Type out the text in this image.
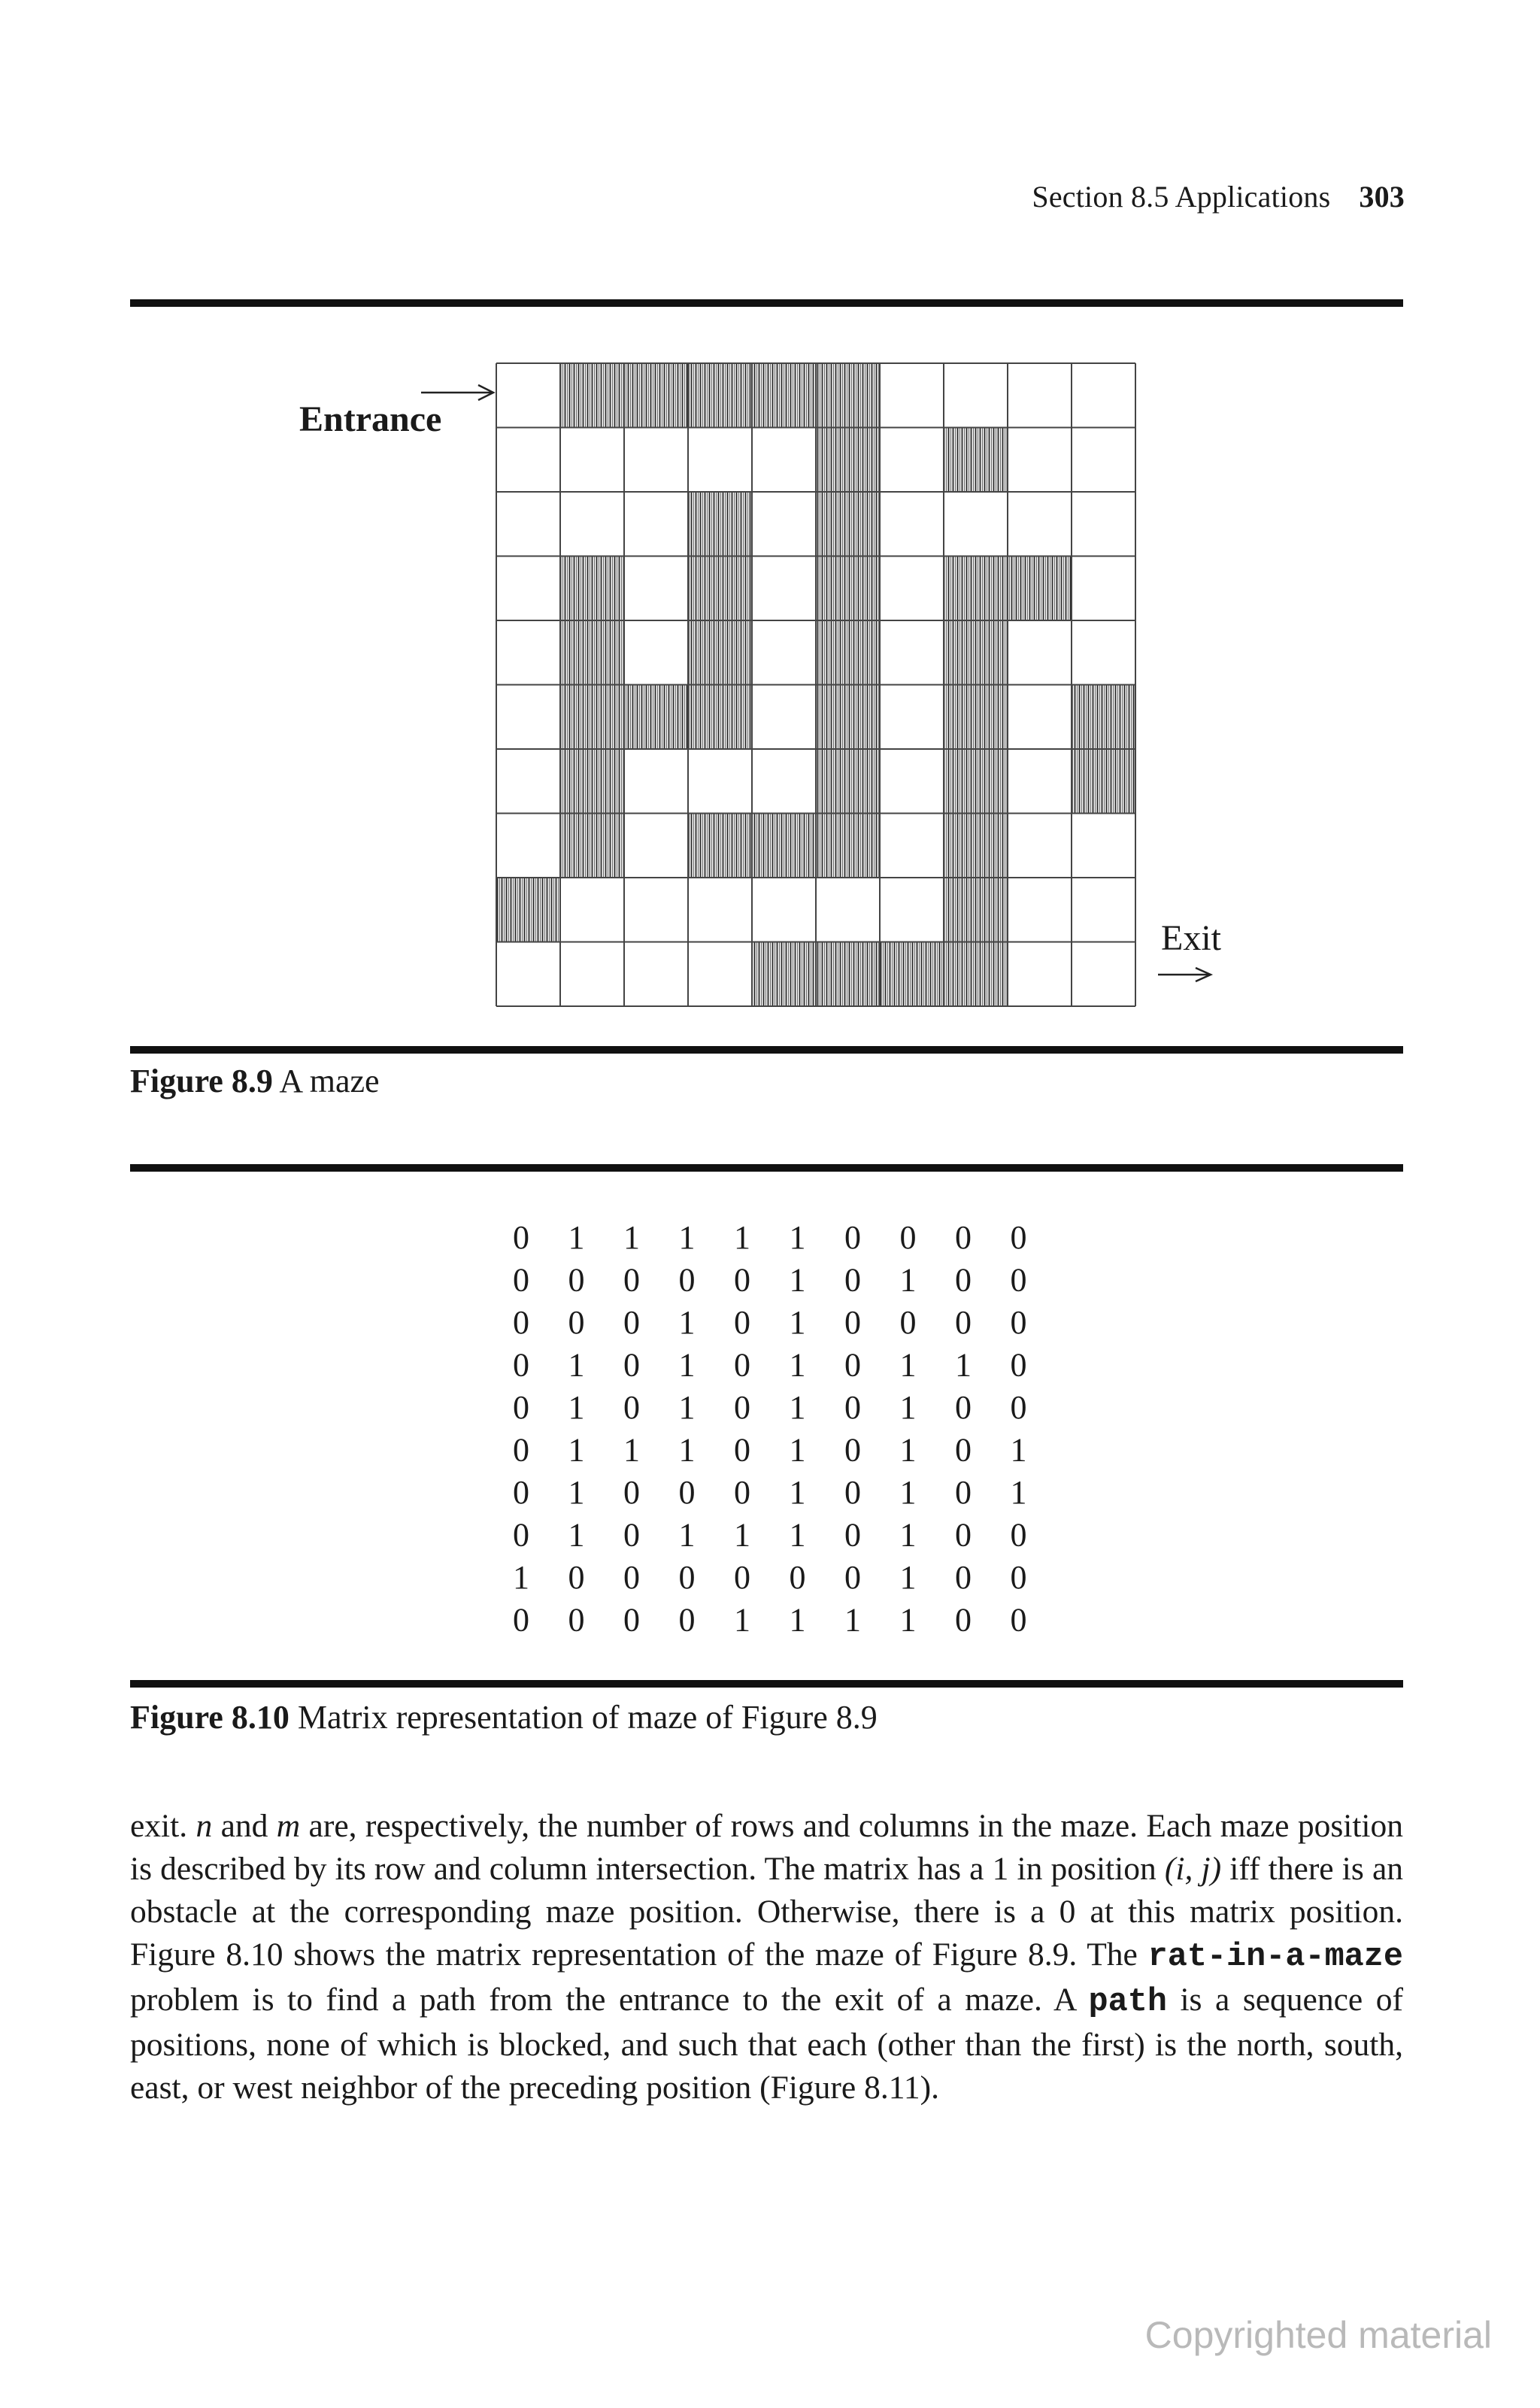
Section 8.5 Applications 303
Entrance
Exit
Figure 8.9 A maze
0 1 1 1 1 1 0 0 0 0
0 0 0 0 0 1 0 1 0 0
0 0 0 1 0 1 0 0 0 0
0 1 0 1 0 1 0 1 1 0
0 1 0 1 0 1 0 1 0 0
0 1 1 1 0 1 0 1 0 1
0 1 0 0 0 1 0 1 0 1
0 1 0 1 1 1 0 1 0 0
1 0 0 0 0 0 0 1 0 0
0 0 0 0 1 1 1 1 0 0
Figure 8.10 Matrix representation of maze of Figure 8.9

exit. n and m are, respectively, the number of rows and columns in the maze. Each maze position is described by its row and column intersection. The matrix has a 1 in position (i, j) iff there is an obstacle at the corresponding maze position. Otherwise, there is a 0 at this matrix position. Figure 8.10 shows the matrix representation of the maze of Figure 8.9. The rat-in-a-maze problem is to find a path from the entrance to the exit of a maze. A path is a sequence of positions, none of which is blocked, and such that each (other than the first) is the north, south, east, or west neighbor of the preceding position (Figure 8.11).

Copyrighted material
